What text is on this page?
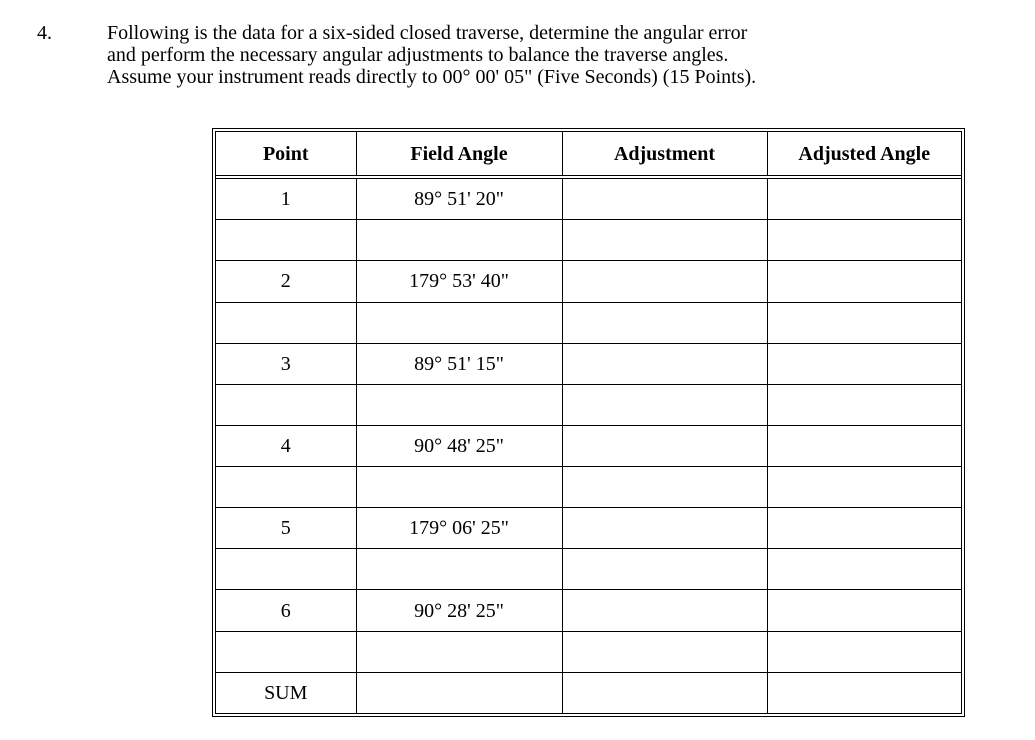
4.	Following is the data for a six-sided closed traverse, determine the angular error
and perform the necessary angular adjustments to balance the traverse angles.
Assume your instrument reads directly to 00° 00' 05" (Five Seconds) (15 Points).
Point	Field Angle	Adjustment	Adjusted Angle
1	89° 51' 20"		

2	179° 53' 40"		

3	89° 51' 15"		

4	90° 48' 25"		

5	179° 06' 25"		

6	90° 28' 25"		

SUM			
